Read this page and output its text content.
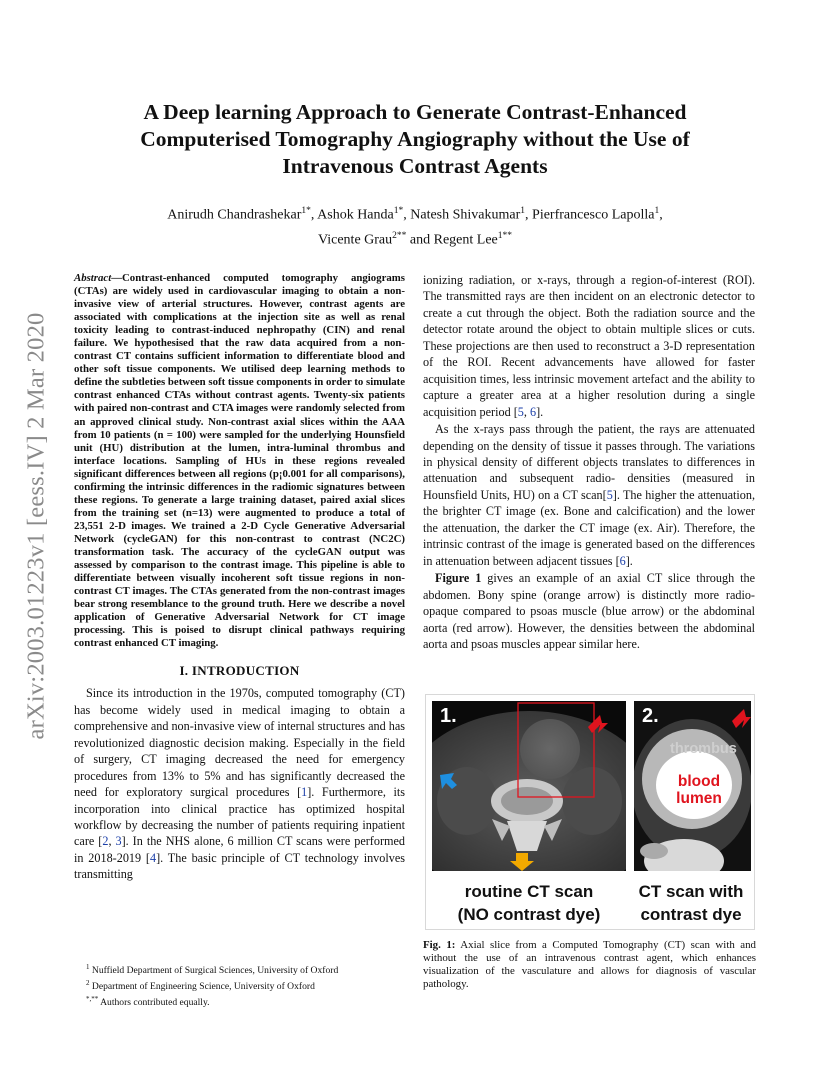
arXiv:2003.01223v1 [eess.IV] 2 Mar 2020
A Deep learning Approach to Generate Contrast-Enhanced Computerised Tomography Angiography without the Use of Intravenous Contrast Agents
Anirudh Chandrashekar$^{1*}$, Ashok Handa$^{1*}$, Natesh Shivakumar$^1$, Pierfrancesco Lapolla$^1$,
Vicente Grau$^{2**}$ and Regent Lee$^{1**}$

Abstract—Contrast-enhanced computed tomography angiograms (CTAs) are widely used in cardiovascular imaging to obtain a non-invasive view of arterial structures. However, contrast agents are associated with complications at the injection site as well as renal toxicity leading to contrast-induced nephropathy (CIN) and renal failure. We hypothesised that the raw data acquired from a non-contrast CT contains sufficient information to differentiate blood and other soft tissue components. We utilised deep learning methods to define the subtleties between soft tissue components in order to simulate contrast enhanced CTAs without contrast agents. Twenty-six patients with paired non-contrast and CTA images were randomly selected from an approved clinical study. Non-contrast axial slices within the AAA from 10 patients (n = 100) were sampled for the underlying Hounsfield unit (HU) distribution at the lumen, intra-luminal thrombus and interface locations. Sampling of HUs in these regions revealed significant differences between all regions (p¡0.001 for all comparisons), confirming the intrinsic differences in the radiomic signatures between these regions. To generate a large training dataset, paired axial slices from the training set (n=13) were augmented to produce a total of 23,551 2-D images. We trained a 2-D Cycle Generative Adversarial Network (cycleGAN) for this non-contrast to contrast (NC2C) transformation task. The accuracy of the cycleGAN output was assessed by comparison to the contrast image. This pipeline is able to differentiate between visually incoherent soft tissue regions in non-contrast CT images. The CTAs generated from the non-contrast images bear strong resemblance to the ground truth. Here we describe a novel application of Generative Adversarial Network for CT image processing. This is poised to disrupt clinical pathways requiring contrast enhanced CT imaging.

I. INTRODUCTION

Since its introduction in the 1970s, computed tomography (CT) has become widely used in medical imaging to obtain a comprehensive and non-invasive view of internal structures and has revolutionized diagnostic decision making. Especially in the field of surgery, CT imaging decreased the need for emergency procedures from 13% to 5% and has significantly decreased the need for exploratory surgical procedures [1]. Furthermore, its incorporation into clinical practice has optimized hospital workflow by decreasing the number of patients requiring inpatient care [2, 3]. In the NHS alone, 6 million CT scans were performed in 2018-2019 [4]. The basic principle of CT technology involves transmitting

ionizing radiation, or x-rays, through a region-of-interest (ROI). The transmitted rays are then incident on an electronic detector to create a cut through the object. Both the radiation source and the detector rotate around the object to obtain multiple slices or cuts. These projections are then used to reconstruct a 3-D representation of the ROI. Recent advancements have allowed for faster acquisition times, less intrinsic movement artefact and the ability to capture a greater area at a higher resolution during a single acquisition period [5, 6].

As the x-rays pass through the patient, the rays are attenuated depending on the density of tissue it passes through. The variations in physical density of different objects translates to differences in attenuation and subsequent radio- densities (measured in Hounsfield Units, HU) on a CT scan[5]. The higher the attenuation, the brighter CT image (ex. Bone and calcification) and the lower the attenuation, the darker the CT image (ex. Air). Therefore, the intrinsic contrast of the image is generated based on the differences in attenuation between adjacent tissues [6].

Figure 1 gives an example of an axial CT slice through the abdomen. Bony spine (orange arrow) is distinctly more radio-opaque compared to psoas muscle (blue arrow) or the abdominal aorta (red arrow). However, the densities between the abdominal aorta and psoas muscles appear similar here.

1.	2.
thrombus
blood
lumen
routine CT scan
(NO contrast dye)
CT scan with
contrast dye

Fig. 1: Axial slice from a Computed Tomography (CT) scan with and without the use of an intravenous contrast agent, which enhances visualization of the vasculature and allows for diagnosis of vascular pathology.

$^1$ Nuffield Department of Surgical Sciences, University of Oxford
$^2$ Department of Engineering Science, University of Oxford
*,** Authors contributed equally.
